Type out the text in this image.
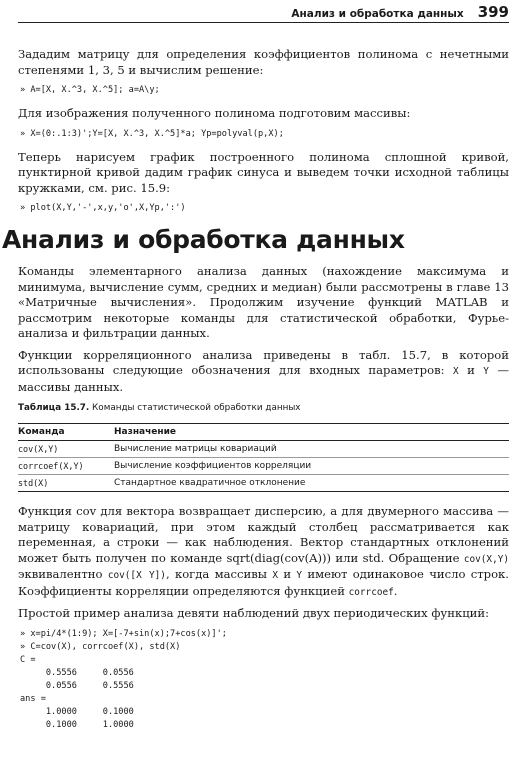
Анализ и обработка данных 399

Зададим матрицу для определения коэффициентов полинома с нечетными степенями 1, 3, 5 и вычислим решение:

» A=[X, X.^3, X.^5]; a=A\y;

Для изображения полученного полинома подготовим массивы:

» X=(0:.1:3)';Y=[X, X.^3, X.^5]*a; Yp=polyval(p,X);

Теперь нарисуем график построенного полинома сплошной кривой, пунктирной кривой дадим график синуса и выведем точки исходной таблицы кружками, см. рис. 15.9:

» plot(X,Y,'-',x,y,'o',X,Yp,':')
Анализ и обработка данных

Команды элементарного анализа данных (нахождение максимума и минимума, вычисление сумм, средних и медиан) были рассмотрены в главе 13 «Матричные вычисления». Продолжим изучение функций MATLAB и рассмотрим некоторые команды для статистической обработки, Фурье-анализа и фильтрации данных.

Функции корреляционного анализа приведены в табл. 15.7, в которой использованы следующие обозначения для входных параметров: X и Y — массивы данных.

Таблица 15.7. Команды статистической обработки данных
Команда	Назначение
cov(X,Y)	Вычисление матрицы ковариаций
corrcoef(X,Y)	Вычисление коэффициентов корреляции
std(X)	Стандартное квадратичное отклонение

Функция cov для вектора возвращает дисперсию, а для двумерного массива — матрицу ковариаций, при этом каждый столбец рассматривается как переменная, а строки — как наблюдения. Вектор стандартных отклонений может быть получен по команде sqrt(diag(cov(A))) или std. Обращение cov(X,Y) эквивалентно cov([X Y]), когда массивы X и Y имеют одинаковое число строк. Коэффициенты корреляции определяются функцией corrcoef.

Простой пример анализа девяти наблюдений двух периодических функций:

» x=pi/4*(1:9); X=[-7+sin(x);7+cos(x)]';
» C=cov(X), corrcoef(X), std(X)
C =
0.5556     0.0556
0.0556     0.5556
ans =
1.0000     0.1000
0.1000     1.0000
